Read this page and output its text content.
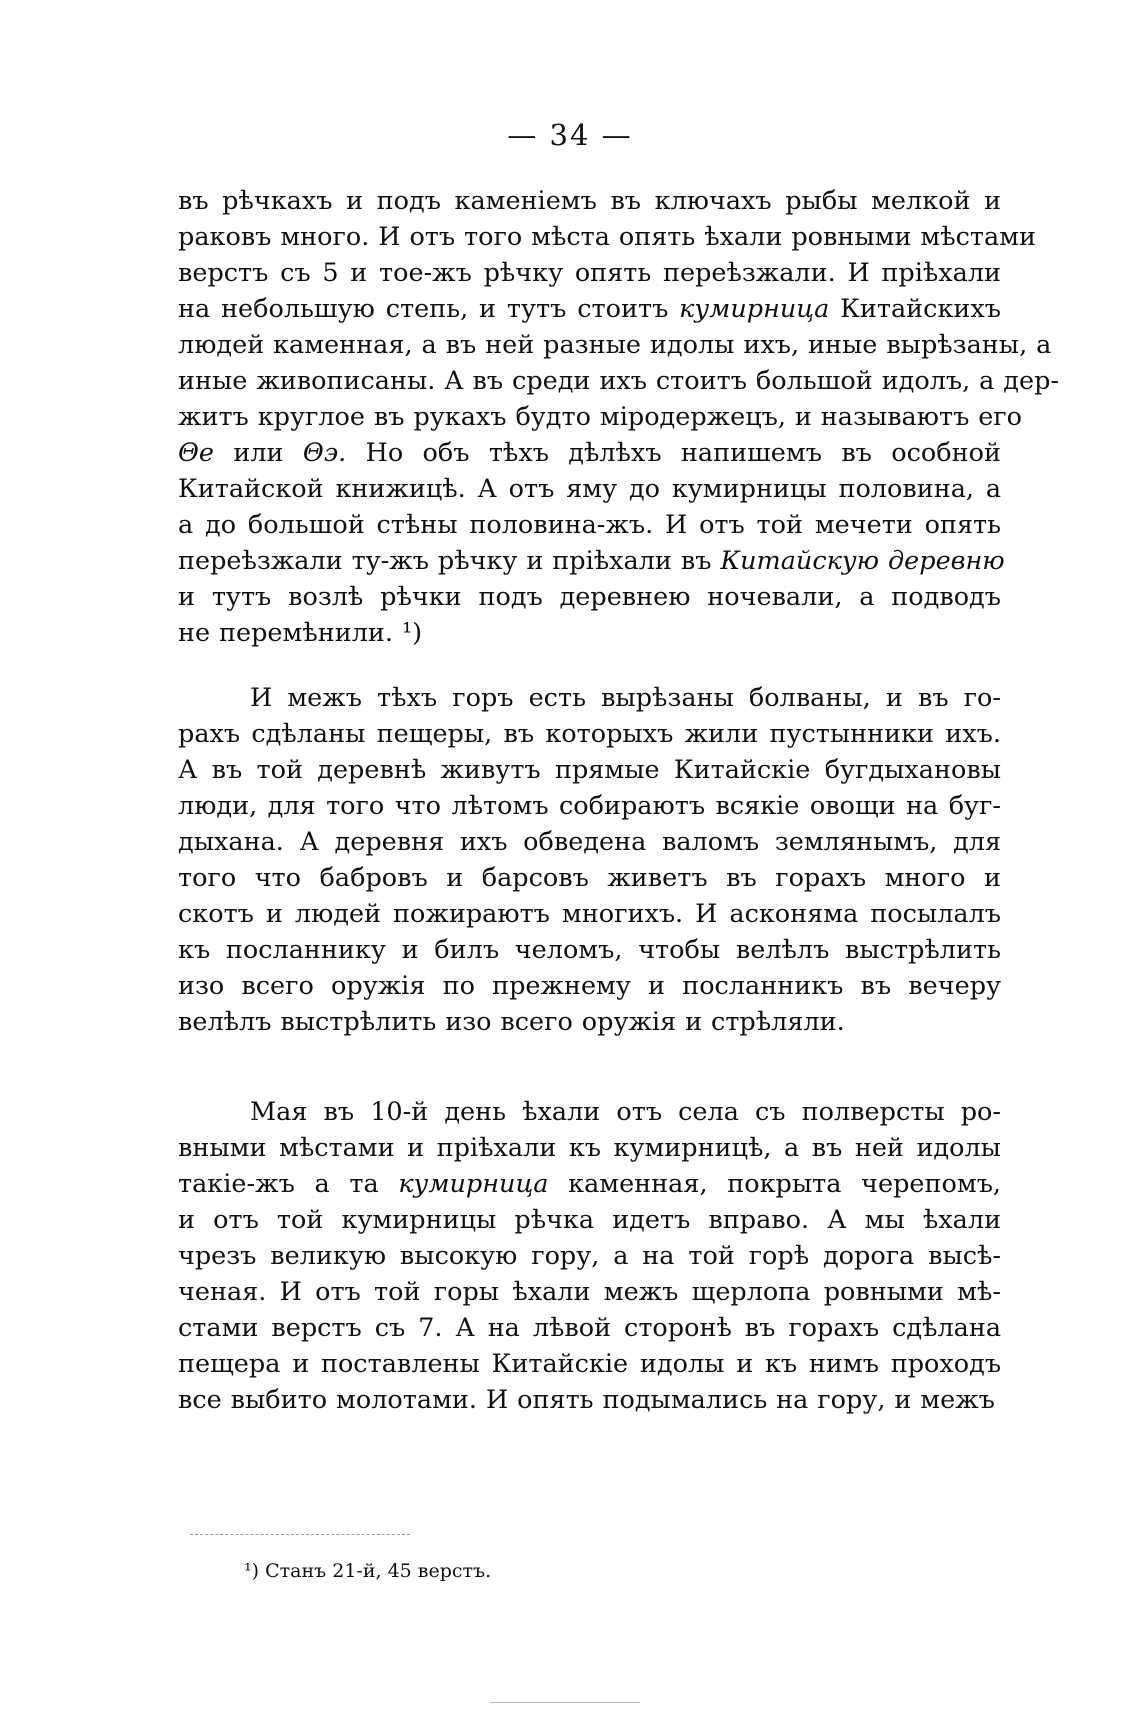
— 34 —
въ рѣчкахъ и подъ каменіемъ въ ключахъ рыбы мелкой и
раковъ много. И отъ того мѣста опять ѣхали ровными мѣстами
верстъ съ 5 и тое-жъ рѣчку опять переѣзжали. И пріѣхали
на небольшую степь, и тутъ стоитъ кумирница Китайскихъ
людей каменная, а въ ней разные идолы ихъ, иные вырѣзаны, а
иные живописаны. А въ среди ихъ стоитъ большой идолъ, а дер-
житъ круглое въ рукахъ будто міродержецъ, и называютъ его
Θе или Θэ. Но объ тѣхъ дѣлѣхъ напишемъ въ особной
Китайской книжицѣ. А отъ яму до кумирницы половина, а
а до большой стѣны половина-жъ. И отъ той мечети опять
переѣзжали ту-жъ рѣчку и пріѣхали въ Китайскую деревню
и тутъ возлѣ рѣчки подъ деревнею ночевали, а подводъ
не перемѣнили. ¹)
И межъ тѣхъ горъ есть вырѣзаны болваны, и въ го-
рахъ сдѣланы пещеры, въ которыхъ жили пустынники ихъ.
А въ той деревнѣ живутъ прямые Китайскіе бугдыхановы
люди, для того что лѣтомъ собираютъ всякіе овощи на буг-
дыхана. А деревня ихъ обведена валомъ землянымъ, для
того что бабровъ и барсовъ живетъ въ горахъ много и
скотъ и людей пожираютъ многихъ. И асконяма посылалъ
къ посланнику и билъ челомъ, чтобы велѣлъ выстрѣлить
изо всего оружія по прежнему и посланникъ въ вечеру
велѣлъ выстрѣлить изо всего оружія и стрѣляли.
Мая въ 10-й день ѣхали отъ села съ полверсты ро-
вными мѣстами и пріѣхали къ кумирницѣ, а въ ней идолы
такіе-жъ а та кумирница каменная, покрыта черепомъ,
и отъ той кумирницы рѣчка идетъ вправо. А мы ѣхали
чрезъ великую высокую гору, а на той горѣ дорога высѣ-
ченая. И отъ той горы ѣхали межъ щерлопа ровными мѣ-
стами верстъ съ 7. А на лѣвой сторонѣ въ горахъ сдѣлана
пещера и поставлены Китайскіе идолы и къ нимъ проходъ
все выбито молотами. И опять подымались на гору, и межъ
¹) Станъ 21-й, 45 верстъ.
